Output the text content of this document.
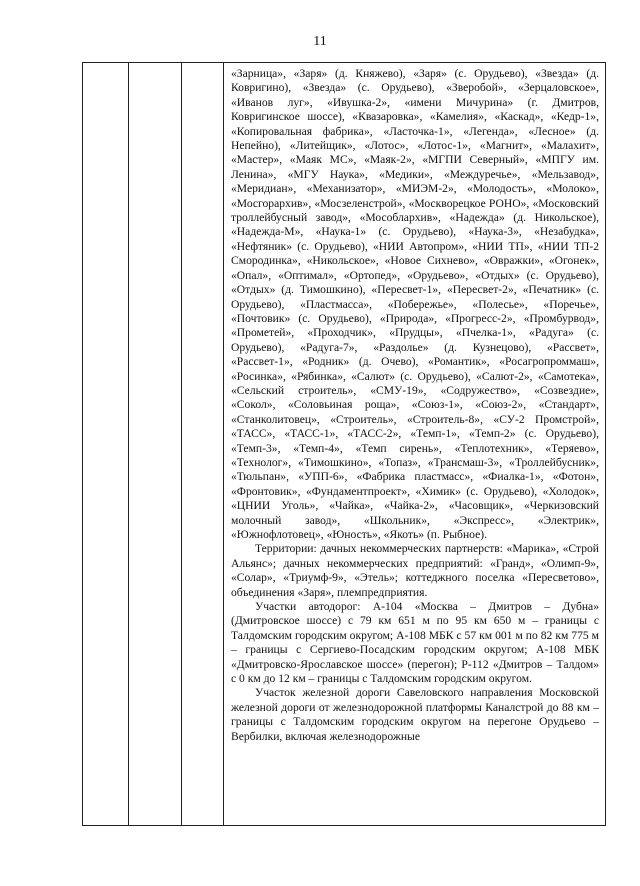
11

«Зарница», «Заря» (д. Княжево), «Заря» (с. Орудьево), «Звезда» (д. Ковригино), «Звезда» (с. Орудьево), «Зверобой», «Зерцаловское», «Иванов луг», «Ивушка-2», «имени Мичурина» (г. Дмитров, Ковригинское шоссе), «Квазаровка», «Камелия», «Каскад», «Кедр-1», «Копировальная фабрика», «Ласточка-1», «Легенда», «Лесное» (д. Непейно), «Литейщик», «Лотос», «Лотос-1», «Магнит», «Малахит», «Мастер», «Маяк МС», «Маяк-2», «МГПИ Северный», «МПГУ им. Ленина», «МГУ Наука», «Медики», «Междуречье», «Мельзавод», «Меридиан», «Механизатор», «МИЭМ-2», «Молодость», «Молоко», «Мосгорархив», «Мосзеленстрой», «Москворецкое РОНО», «Московский троллейбусный завод», «Мособлархив», «Надежда» (д. Никольское), «Надежда-М», «Наука-1» (с. Орудьево), «Наука-3», «Незабудка», «Нефтяник» (с. Орудьево), «НИИ Автопром», «НИИ ТП», «НИИ ТП-2 Смородинка», «Никольское», «Новое Сихнево», «Овражки», «Огонек», «Опал», «Оптимал», «Ортопед», «Орудьево», «Отдых» (с. Орудьево), «Отдых» (д. Тимошкино), «Пересвет-1», «Пересвет-2», «Печатник» (с. Орудьево), «Пластмасса», «Побережье», «Полесье», «Поречье», «Почтовик» (с. Орудьево), «Природа», «Прогресс-2», «Промбурвод», «Прометей», «Проходчик», «Прудцы», «Пчелка-1», «Радуга» (с. Орудьево), «Радуга-7», «Раздолье» (д. Кузнецово), «Рассвет», «Рассвет-1», «Родник» (д. Очево), «Романтик», «Росагропроммаш», «Росинка», «Рябинка», «Салют» (с. Орудьево), «Салют-2», «Самотека», «Сельский строитель», «СМУ-19», «Содружество», «Созвездие», «Сокол», «Соловьиная роща», «Союз-1», «Союз-2», «Стандарт», «Станколитовец», «Строитель», «Строитель-8», «СУ-2 Промстрой», «ТАСС», «ТАСС-1», «ТАСС-2», «Темп-1», «Темп-2» (с. Орудьево), «Темп-3», «Темп-4», «Темп сирень», «Теплотехник», «Теряево», «Технолог», «Тимошкино», «Топаз», «Трансмаш-3», «Троллейбусник», «Тюльпан», «УПП-6», «Фабрика пластмасс», «Фиалка-1», «Фотон», «Фронтовик», «Фундаментпроект», «Химик» (с. Орудьево), «Холодок», «ЦНИИ Уголь», «Чайка», «Чайка-2», «Часовщик», «Черкизовский молочный завод», «Школьник», «Экспресс», «Электрик», «Южнофлотовец», «Юность», «Якоть» (п. Рыбное).

Территории: дачных некоммерческих партнерств: «Марика», «Строй Альянс»; дачных некоммерческих предприятий: «Гранд», «Олимп-9», «Солар», «Триумф-9», «Этель»; коттеджного поселка «Пересветово», объединения «Заря», племпредприятия.

Участки автодорог: А-104 «Москва – Дмитров – Дубна» (Дмитровское шоссе) с 79 км 651 м по 95 км 650 м – границы с Талдомским городским округом; А-108 МБК с 57 км 001 м по 82 км 775 м – границы с Сергиево-Посадским городским округом; А-108 МБК «Дмитровско-Ярославское шоссе» (перегон); Р-112 «Дмитров – Талдом» с 0 км до 12 км – границы с Талдомским городским округом.

Участок железной дороги Савеловского направления Московской железной дороги от железнодорожной платформы Каналстрой до 88 км – границы с Талдомским городским округом на перегоне Орудьево – Вербилки, включая железнодорожные
